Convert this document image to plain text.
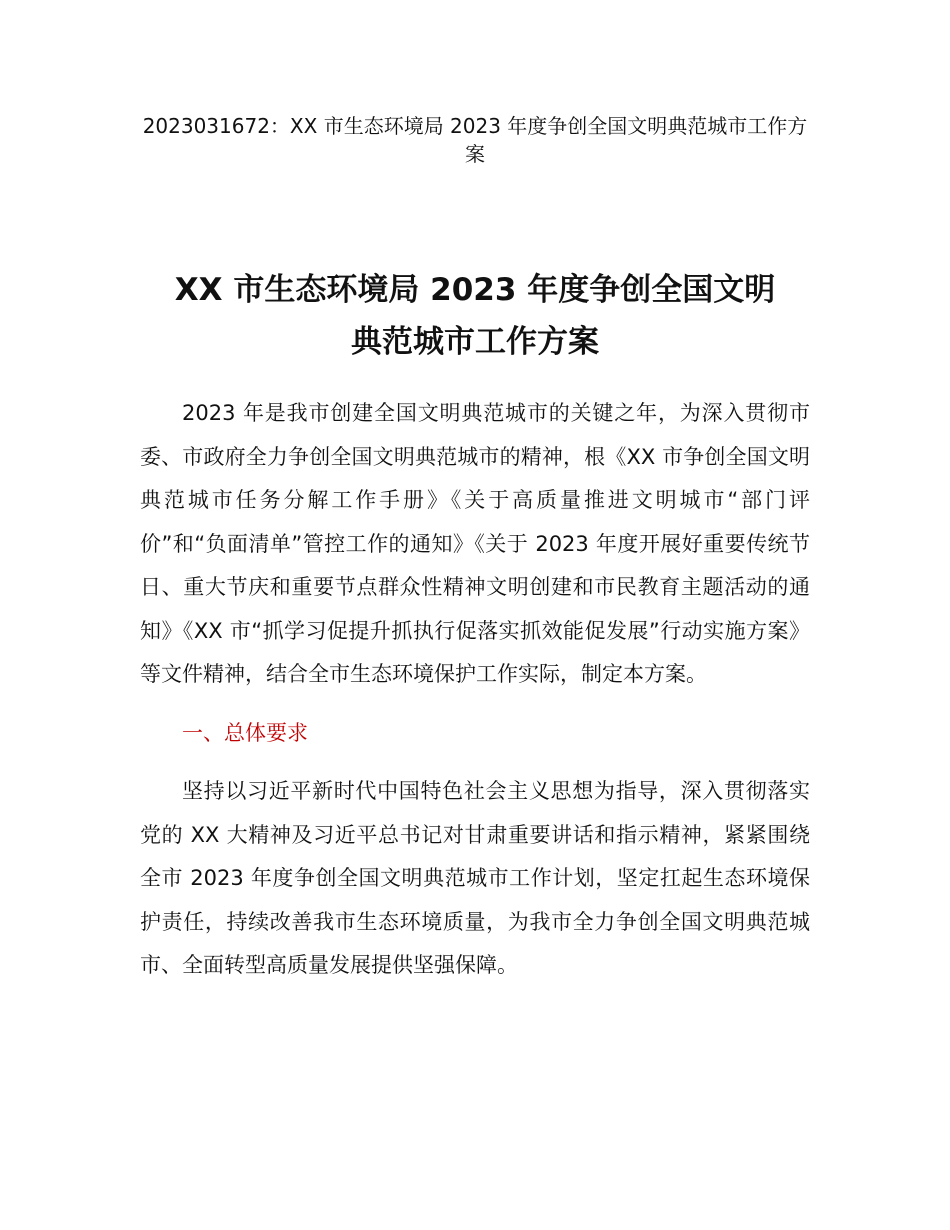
2023031672：XX 市生态环境局 2023 年度争创全国文明典范城市工作方案
XX 市生态环境局 2023 年度争创全国文明
典范城市工作方案

2023 年是我市创建全国文明典范城市的关键之年，为深入贯彻市委、市政府全力争创全国文明典范城市的精神，根《XX 市争创全国文明典范城市任务分解工作手册》《关于高质量推进文明城市“部门评价”和“负面清单”管控工作的通知》《关于 2023 年度开展好重要传统节日、重大节庆和重要节点群众性精神文明创建和市民教育主题活动的通知》《XX 市“抓学习促提升抓执行促落实抓效能促发展”行动实施方案》等文件精神，结合全市生态环境保护工作实际，制定本方案。

一、总体要求

坚持以习近平新时代中国特色社会主义思想为指导，深入贯彻落实党的 XX 大精神及习近平总书记对甘肃重要讲话和指示精神，紧紧围绕全市 2023 年度争创全国文明典范城市工作计划，坚定扛起生态环境保护责任，持续改善我市生态环境质量，为我市全力争创全国文明典范城市、全面转型高质量发展提供坚强保障。
